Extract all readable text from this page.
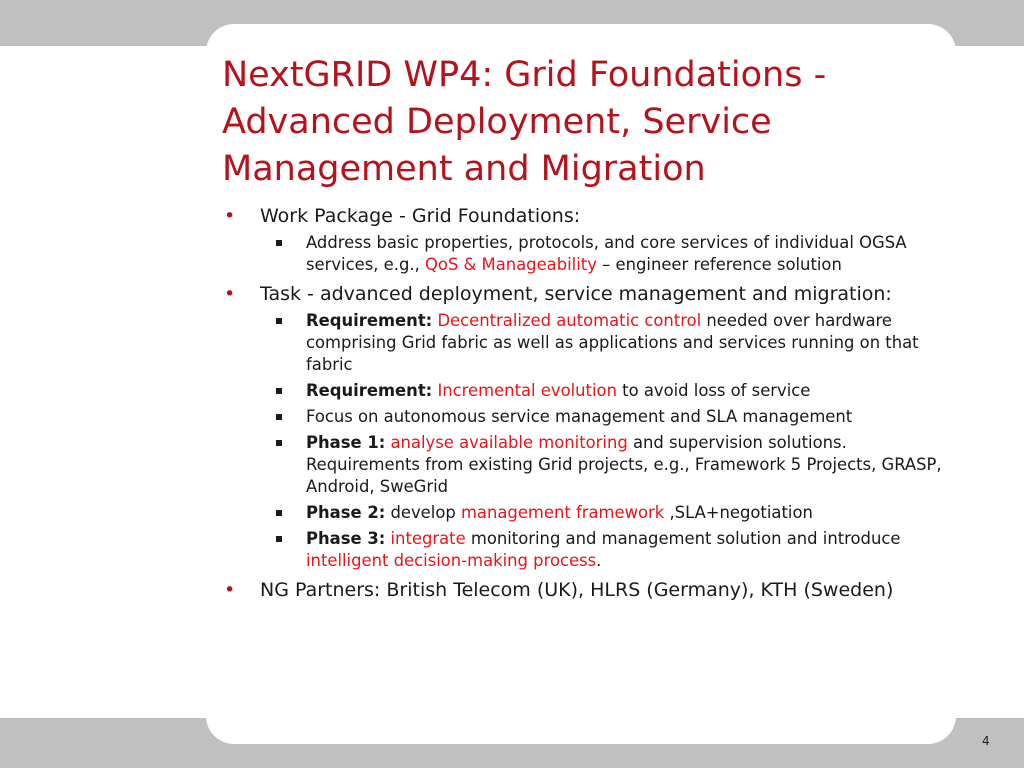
NextGRID WP4: Grid Foundations - Advanced Deployment, Service Management and Migration
• Work Package - Grid Foundations:
Address basic properties, protocols, and core services of individual OGSA services, e.g., QoS & Manageability – engineer reference solution
• Task - advanced deployment, service management and migration:
Requirement: Decentralized automatic control needed over hardware comprising Grid fabric as well as applications and services running on that fabric
Requirement: Incremental evolution to avoid loss of service
Focus on autonomous service management and SLA management
Phase 1: analyse available monitoring and supervision solutions. Requirements from existing Grid projects, e.g., Framework 5 Projects, GRASP, Android, SweGrid
Phase 2: develop management framework ,SLA+negotiation
Phase 3: integrate monitoring and management solution and introduce intelligent decision-making process.
• NG Partners: British Telecom (UK), HLRS (Germany), KTH (Sweden)
4
